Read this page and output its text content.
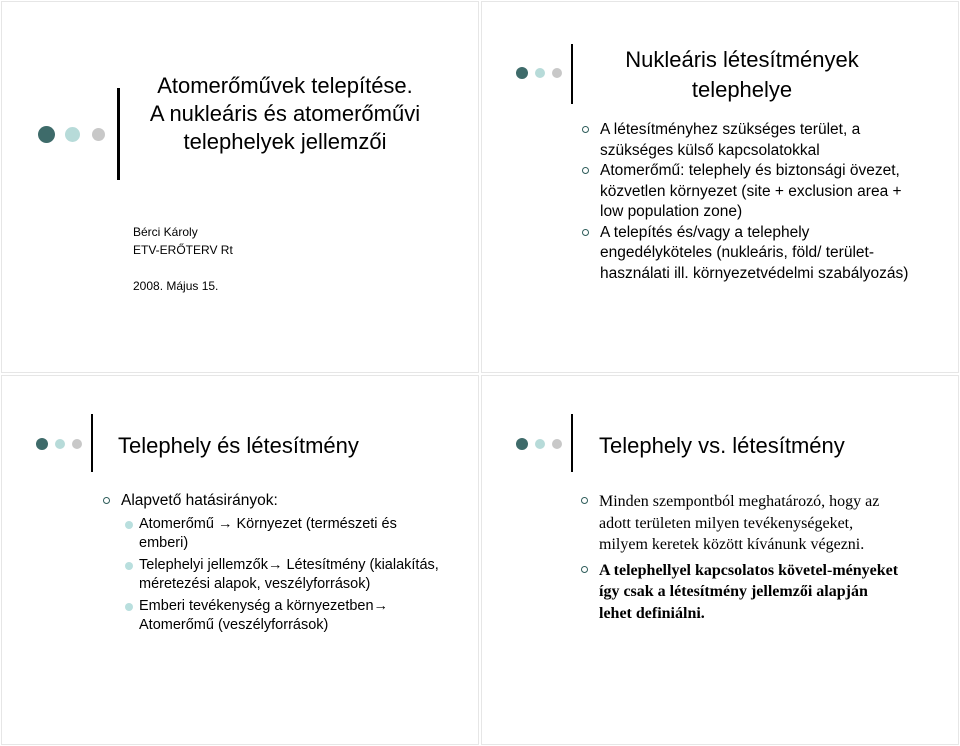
Atomerőművek telepítése.
A nukleáris és atomerőművi
telephelyek jellemzői
Bérci Károly
ETV-ERŐTERV Rt
2008. Május 15.
Nukleáris létesítmények
telephelye
A létesítményhez szükséges terület, a szükséges külső kapcsolatokkal
Atomerőmű: telephely és biztonsági övezet, közvetlen környezet (site + exclusion area + low population zone)
A telepítés és/vagy a telephely engedélyköteles (nukleáris, föld/ terület-használati ill. környezetvédelmi szabályozás)
Telephely és létesítmény
Alapvető hatásirányok:
Atomerőmű → Környezet (természeti és emberi)
Telephelyi jellemzők→ Létesítmény (kialakítás, méretezési alapok, veszélyforrások)
Emberi tevékenység a környezetben→ Atomerőmű (veszélyforrások)
Telephely vs. létesítmény
Minden szempontból meghatározó, hogy az adott területen milyen tevékenységeket, milyem keretek között kívánunk végezni.
A telephellyel kapcsolatos követel-ményeket így csak a létesítmény jellemzői alapján lehet definiálni.
